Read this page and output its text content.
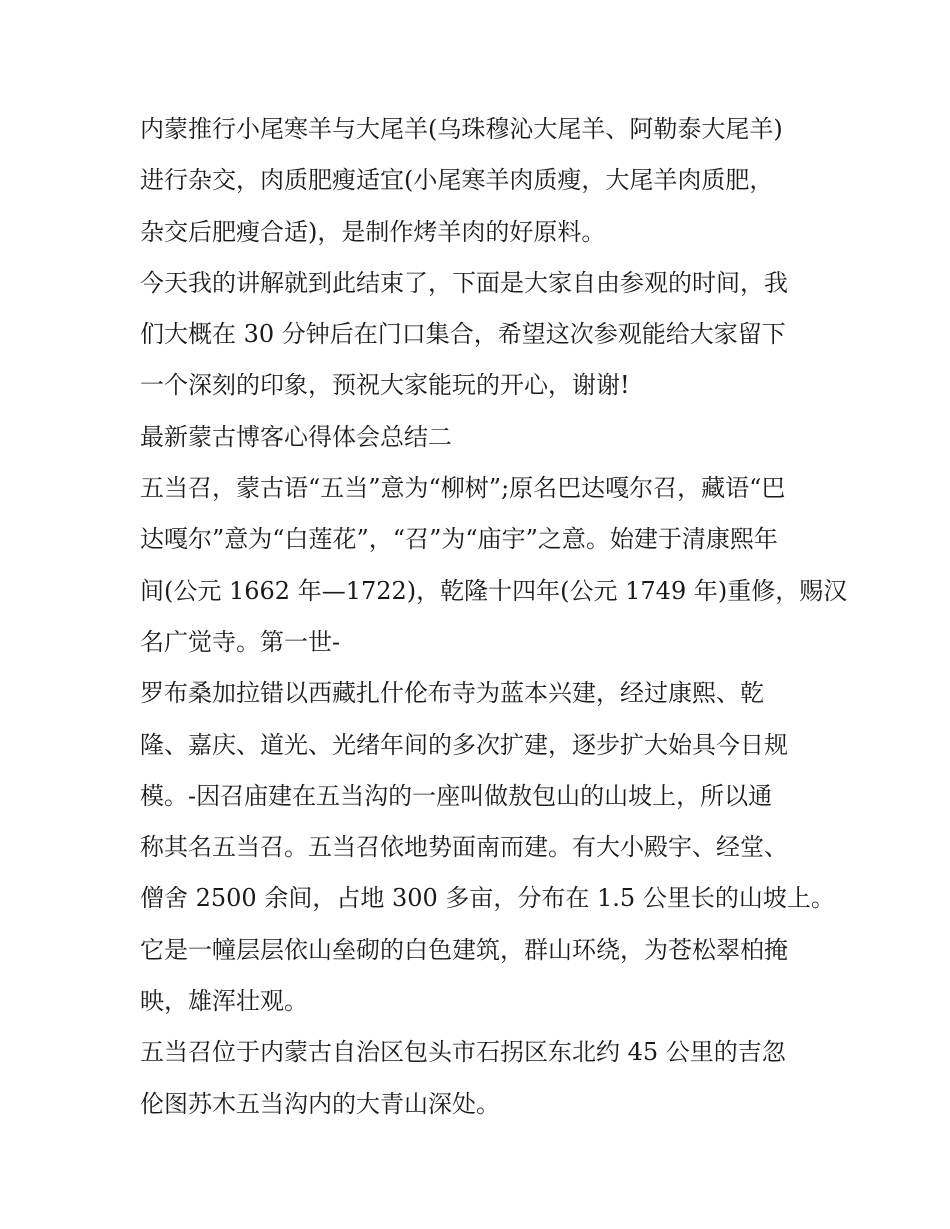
内蒙推行小尾寒羊与大尾羊(乌珠穆沁大尾羊、阿勒泰大尾羊)

进行杂交，肉质肥瘦适宜(小尾寒羊肉质瘦，大尾羊肉质肥，

杂交后肥瘦合适)，是制作烤羊肉的好原料。

今天我的讲解就到此结束了，下面是大家自由参观的时间，我

们大概在 30 分钟后在门口集合，希望这次参观能给大家留下

一个深刻的印象，预祝大家能玩的开心，谢谢!

最新蒙古博客心得体会总结二

五当召，蒙古语“五当”意为“柳树”;原名巴达嘎尔召，藏语“巴

达嘎尔”意为“白莲花”，“召”为“庙宇”之意。始建于清康熙年

间(公元 1662 年—1722)，乾隆十四年(公元 1749 年)重修，赐汉

名广觉寺。第一世-

罗布桑加拉错以西藏扎什伦布寺为蓝本兴建，经过康熙、乾

隆、嘉庆、道光、光绪年间的多次扩建，逐步扩大始具今日规

模。-因召庙建在五当沟的一座叫做敖包山的山坡上，所以通

称其名五当召。五当召依地势面南而建。有大小殿宇、经堂、

僧舍 2500 余间，占地 300 多亩，分布在 1.5 公里长的山坡上。

它是一幢层层依山垒砌的白色建筑，群山环绕，为苍松翠柏掩

映，雄浑壮观。

五当召位于内蒙古自治区包头市石拐区东北约 45 公里的吉忽

伦图苏木五当沟内的大青山深处。
